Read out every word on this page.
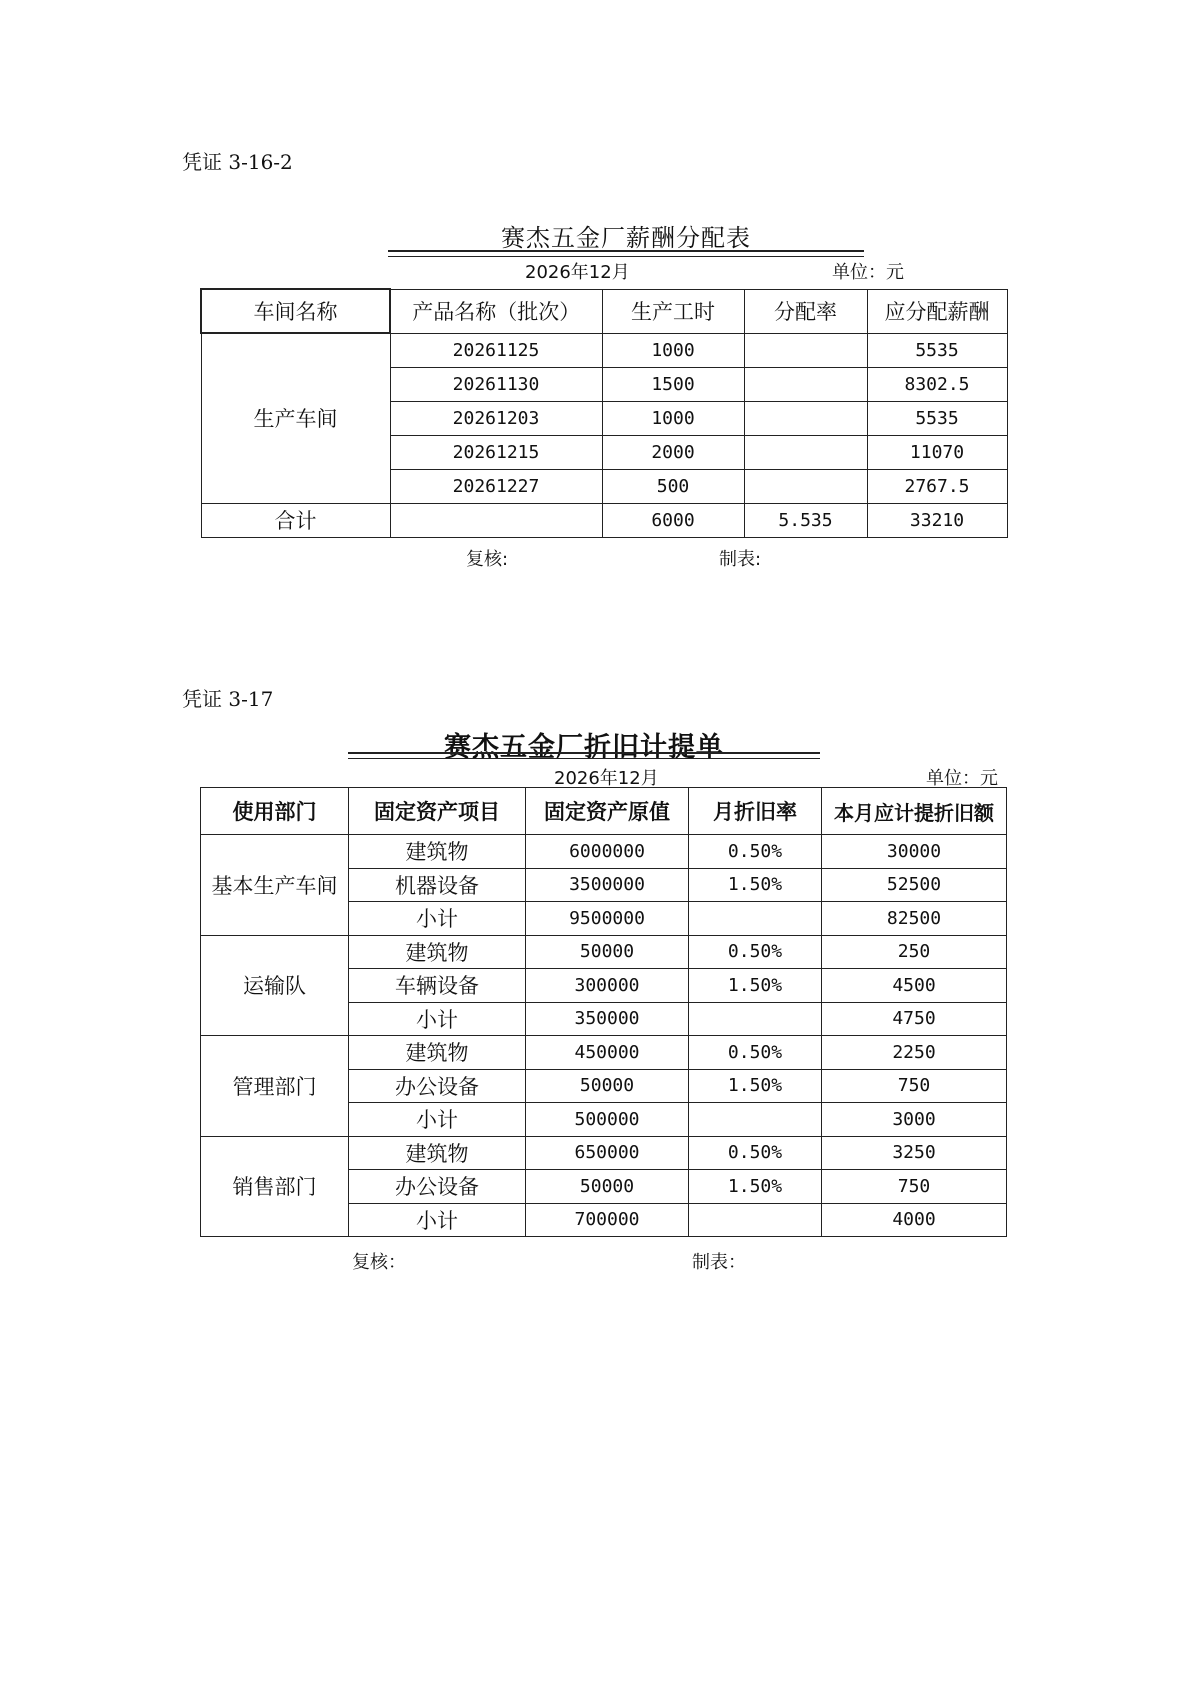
凭证 3-16-2
赛杰五金厂薪酬分配表
2026年12月	单位：元
车间名称	产品名称（批次）	生产工时	分配率	应分配薪酬
生产车间	20261125	1000		5535
	20261130	1500		8302.5
	20261203	1000		5535
	20261215	2000		11070
	20261227	500		2767.5
合计		6000	5.535	33210
复核:	制表:
凭证 3-17
赛杰五金厂折旧计提单
2026年12月	单位：元
使用部门	固定资产项目	固定资产原值	月折旧率	本月应计提折旧额
基本生产车间	建筑物	6000000	0.50%	30000
	机器设备	3500000	1.50%	52500
	小计	9500000		82500
运输队	建筑物	50000	0.50%	250
	车辆设备	300000	1.50%	4500
	小计	350000		4750
管理部门	建筑物	450000	0.50%	2250
	办公设备	50000	1.50%	750
	小计	500000		3000
销售部门	建筑物	650000	0.50%	3250
	办公设备	50000	1.50%	750
	小计	700000		4000
复核：	制表：
